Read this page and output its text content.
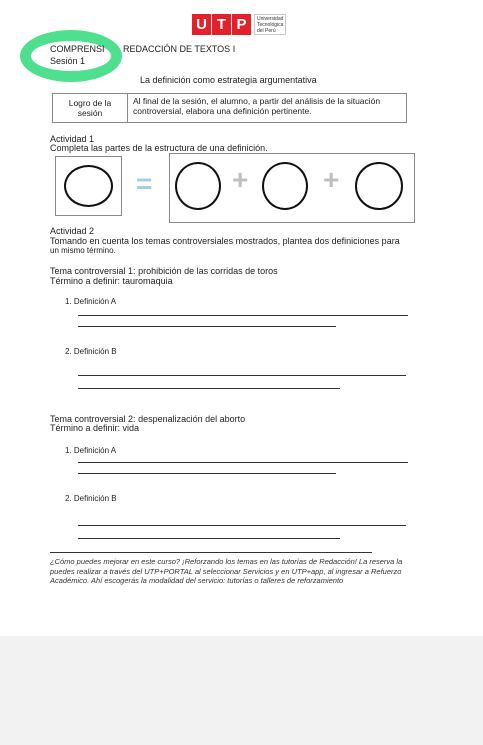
U T P	Universidad Tecnológica del Perú
COMPRENSI REDACCIÓN DE TEXTOS I
Sesión 1
La definición como estrategia argumentativa
Logro de la
sesión
Al final de la sesión, el alumno, a partir del análisis de la situación controversial, elabora una definición pertinente.
Actividad 1
Completa las partes de la estructura de una definición.
=	+	+
Actividad 2
Tomando en cuenta los temas controversiales mostrados, plantea dos definiciones para
un mismo término.
Tema controversial 1: prohibición de las corridas de toros
Término a definir: tauromaquia
1. Definición A
2. Definición B
Tema controversial 2: despenalización del aborto
Término a definir: vida
1. Definición A
2. Definición B
¿Cómo puedes mejorar en este curso? ¡Reforzando los temas en las tutorías de Redacción! La reserva la puedes realizar a través del UTP+PORTAL al seleccionar Servicios y en UTP+app, al ingresar a Refuerzo Académico. Ahí escogerás la modalidad del servicio: tutorías o talleres de reforzamiento
